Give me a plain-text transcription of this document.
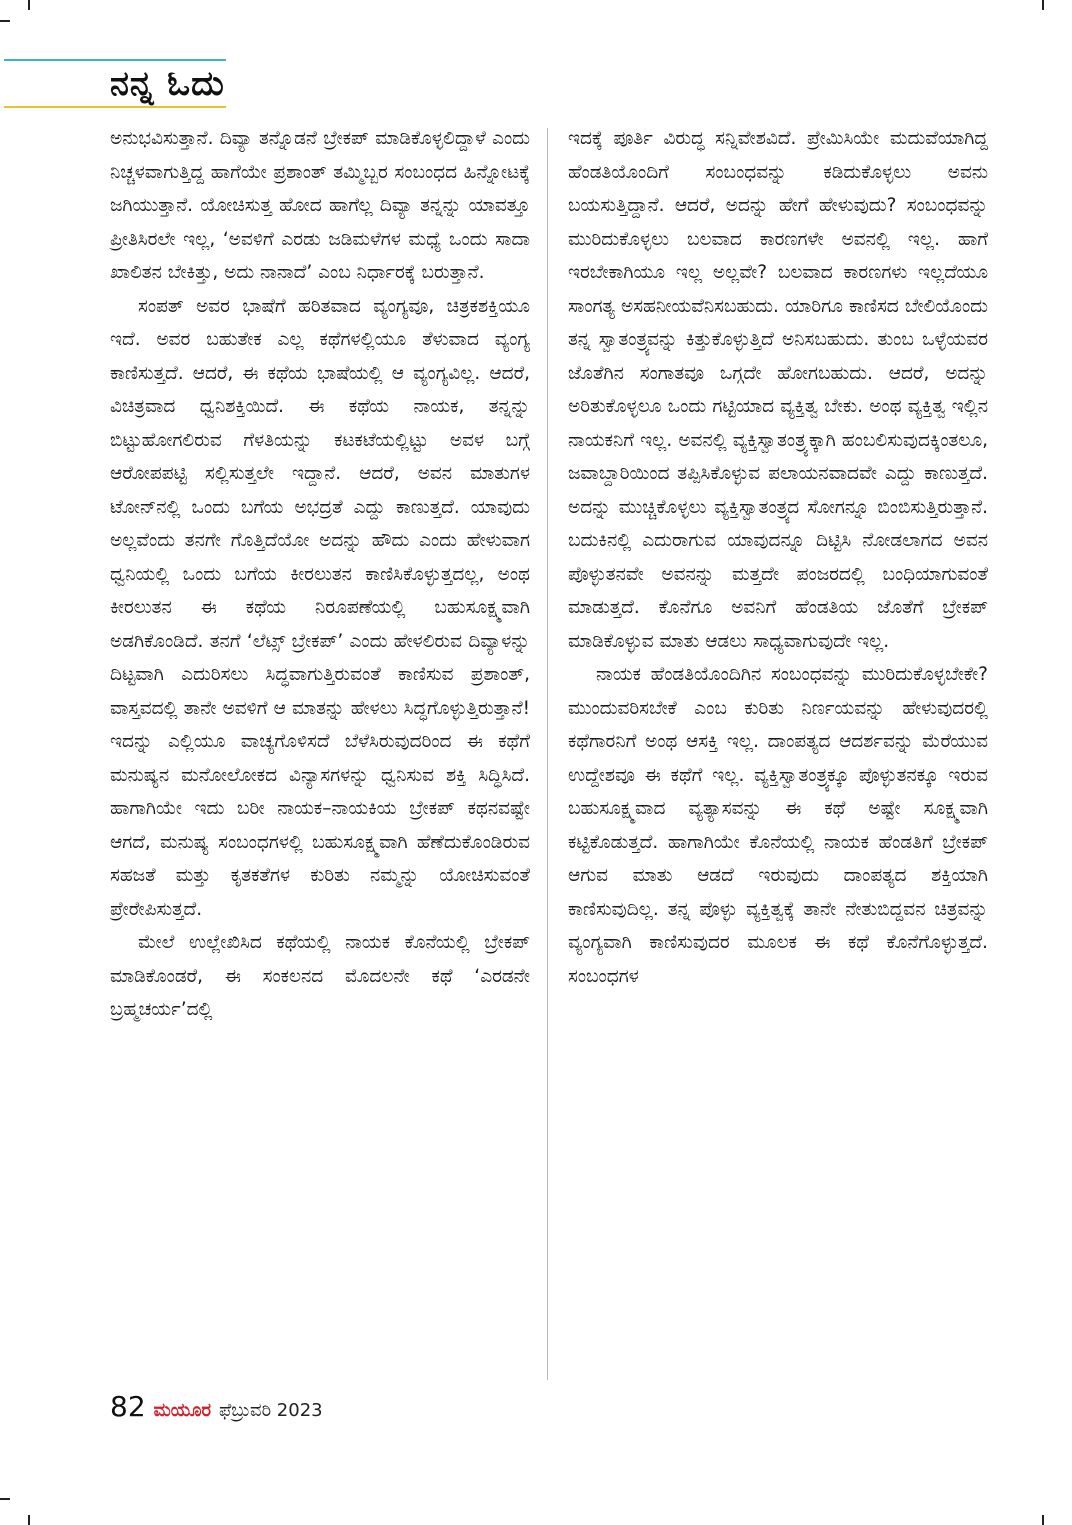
ನನ್ನ ಓದು

ಅನುಭವಿಸುತ್ತಾನೆ. ದಿವ್ಯಾ ತನ್ನೊಡನೆ ಬ್ರೇಕಪ್ ಮಾಡಿಕೊಳ್ಳಲಿದ್ದಾಳೆ ಎಂದು ನಿಚ್ಚಳವಾಗುತ್ತಿದ್ದ ಹಾಗೆಯೇ ಪ್ರಶಾಂತ್ ತಮ್ಮಿಬ್ಬರ ಸಂಬಂಧದ ಹಿನ್ನೋಟಕ್ಕೆ ಜಗಿಯುತ್ತಾನೆ. ಯೋಚಿಸುತ್ತ ಹೋದ ಹಾಗೆಲ್ಲ ದಿವ್ಯಾ ತನ್ನನ್ನು ಯಾವತ್ತೂ ಪ್ರೀತಿಸಿರಲೇ ಇಲ್ಲ, ‘ಅವಳಿಗೆ ಎರಡು ಜಡಿಮಳೆಗಳ ಮಧ್ಯೆ ಒಂದು ಸಾದಾ ಖಾಲಿತನ ಬೇಕಿತ್ತು, ಅದು ನಾನಾದೆ’ ಎಂಬ ನಿರ್ಧಾರಕ್ಕೆ ಬರುತ್ತಾನೆ.

ಸಂಪತ್ ಅವರ ಭಾಷೆಗೆ ಹರಿತವಾದ ವ್ಯಂಗ್ಯವೂ, ಚಿತ್ರಕಶಕ್ತಿಯೂ ಇದೆ. ಅವರ ಬಹುತೇಕ ಎಲ್ಲ ಕಥೆಗಳಲ್ಲಿಯೂ ತೆಳುವಾದ ವ್ಯಂಗ್ಯ ಕಾಣಿಸುತ್ತದೆ. ಆದರೆ, ಈ ಕಥೆಯ ಭಾಷೆಯಲ್ಲಿ ಆ ವ್ಯಂಗ್ಯವಿಲ್ಲ. ಆದರೆ, ವಿಚಿತ್ರವಾದ ಧ್ವನಿಶಕ್ತಿಯಿದೆ. ಈ ಕಥೆಯ ನಾಯಕ, ತನ್ನನ್ನು ಬಿಟ್ಟುಹೋಗಲಿರುವ ಗೆಳತಿಯನ್ನು ಕಟಕಟೆಯಲ್ಲಿಟ್ಟು ಅವಳ ಬಗ್ಗೆ ಆರೋಪಪಟ್ಟಿ ಸಲ್ಲಿಸುತ್ತಲೇ ಇದ್ದಾನೆ. ಆದರೆ, ಅವನ ಮಾತುಗಳ ಟೋನ್‌ನಲ್ಲಿ ಒಂದು ಬಗೆಯ ಅಭದ್ರತೆ ಎದ್ದು ಕಾಣುತ್ತದೆ. ಯಾವುದು ಅಲ್ಲವೆಂದು ತನಗೇ ಗೊತ್ತಿದೆಯೋ ಅದನ್ನು ಹೌದು ಎಂದು ಹೇಳುವಾಗ ಧ್ವನಿಯಲ್ಲಿ ಒಂದು ಬಗೆಯ ಕೀರಲುತನ ಕಾಣಿಸಿಕೊಳ್ಳುತ್ತದಲ್ಲ, ಅಂಥ ಕೀರಲುತನ ಈ ಕಥೆಯ ನಿರೂಪಣೆಯಲ್ಲಿ ಬಹುಸೂಕ್ಷ್ಮವಾಗಿ ಅಡಗಿಕೊಂಡಿದೆ. ತನಗೆ ‘ಲೆಟ್ಸ್ ಬ್ರೇಕಪ್’ ಎಂದು ಹೇಳಲಿರುವ ದಿವ್ಯಾಳನ್ನು ದಿಟ್ಟವಾಗಿ ಎದುರಿಸಲು ಸಿದ್ಧವಾಗುತ್ತಿರುವಂತೆ ಕಾಣಿಸುವ ಪ್ರಶಾಂತ್, ವಾಸ್ತವದಲ್ಲಿ ತಾನೇ ಅವಳಿಗೆ ಆ ಮಾತನ್ನು ಹೇಳಲು ಸಿದ್ಧಗೊಳ್ಳುತ್ತಿರುತ್ತಾನೆ! ಇದನ್ನು ಎಲ್ಲಿಯೂ ವಾಚ್ಯಗೊಳಿಸದೆ ಬೆಳೆಸಿರುವುದರಿಂದ ಈ ಕಥೆಗೆ ಮನುಷ್ಯನ ಮನೋಲೋಕದ ವಿನ್ಯಾಸಗಳನ್ನು ಧ್ವನಿಸುವ ಶಕ್ತಿ ಸಿದ್ಧಿಸಿದೆ. ಹಾಗಾಗಿಯೇ ಇದು ಬರೀ ನಾಯಕ–ನಾಯಕಿಯ ಬ್ರೇಕಪ್ ಕಥನವಷ್ಟೇ ಆಗದೆ, ಮನುಷ್ಯ ಸಂಬಂಧಗಳಲ್ಲಿ ಬಹುಸೂಕ್ಷ್ಮವಾಗಿ ಹೆಣೆದುಕೊಂಡಿರುವ ಸಹಜತೆ ಮತ್ತು ಕೃತಕತೆಗಳ ಕುರಿತು ನಮ್ಮನ್ನು ಯೋಚಿಸುವಂತೆ ಪ್ರೇರೇಪಿಸುತ್ತದೆ.

ಮೇಲೆ ಉಲ್ಲೇಖಿಸಿದ ಕಥೆಯಲ್ಲಿ ನಾಯಕ ಕೊನೆಯಲ್ಲಿ ಬ್ರೇಕಪ್ ಮಾಡಿಕೊಂಡರೆ, ಈ ಸಂಕಲನದ ಮೊದಲನೇ ಕಥೆ ‘ಎರಡನೇ ಬ್ರಹ್ಮಚರ್ಯ’ದಲ್ಲಿ

ಇದಕ್ಕೆ ಪೂರ್ತಿ ವಿರುದ್ಧ ಸನ್ನಿವೇಶವಿದೆ. ಪ್ರೇಮಿಸಿಯೇ ಮದುವೆಯಾಗಿದ್ದ ಹೆಂಡತಿಯೊಂದಿಗೆ ಸಂಬಂಧವನ್ನು ಕಡಿದುಕೊಳ್ಳಲು ಅವನು ಬಯಸುತ್ತಿದ್ದಾನೆ. ಆದರೆ, ಅದನ್ನು ಹೇಗೆ ಹೇಳುವುದು? ಸಂಬಂಧವನ್ನು ಮುರಿದುಕೊಳ್ಳಲು ಬಲವಾದ ಕಾರಣಗಳೇ ಅವನಲ್ಲಿ ಇಲ್ಲ. ಹಾಗೆ ಇರಬೇಕಾಗಿಯೂ ಇಲ್ಲ ಅಲ್ಲವೇ? ಬಲವಾದ ಕಾರಣಗಳು ಇಲ್ಲದೆಯೂ ಸಾಂಗತ್ಯ ಅಸಹನೀಯವೆನಿಸಬಹುದು. ಯಾರಿಗೂ ಕಾಣಿಸದ ಬೇಲಿಯೊಂದು ತನ್ನ ಸ್ವಾತಂತ್ರ್ಯವನ್ನು ಕಿತ್ತುಕೊಳ್ಳುತ್ತಿದೆ ಅನಿಸಬಹುದು. ತುಂಬ ಒಳ್ಳೆಯವರ ಜೊತೆಗಿನ ಸಂಗಾತವೂ ಒಗ್ಗದೇ ಹೋಗಬಹುದು. ಆದರೆ, ಅದನ್ನು ಅರಿತುಕೊಳ್ಳಲೂ ಒಂದು ಗಟ್ಟಿಯಾದ ವ್ಯಕ್ತಿತ್ವ ಬೇಕು. ಅಂಥ ವ್ಯಕ್ತಿತ್ವ ಇಲ್ಲಿನ ನಾಯಕನಿಗೆ ಇಲ್ಲ. ಅವನಲ್ಲಿ ವ್ಯಕ್ತಿಸ್ವಾತಂತ್ರ್ಯಕ್ಕಾಗಿ ಹಂಬಲಿಸುವುದಕ್ಕಿಂತಲೂ, ಜವಾಬ್ದಾರಿಯಿಂದ ತಪ್ಪಿಸಿಕೊಳ್ಳುವ ಪಲಾಯನವಾದವೇ ಎದ್ದು ಕಾಣುತ್ತದೆ. ಅದನ್ನು ಮುಚ್ಚಿಕೊಳ್ಳಲು ವ್ಯಕ್ತಿಸ್ವಾತಂತ್ರ್ಯದ ಸೋಗನ್ನೂ ಬಿಂಬಿಸುತ್ತಿರುತ್ತಾನೆ. ಬದುಕಿನಲ್ಲಿ ಎದುರಾಗುವ ಯಾವುದನ್ನೂ ದಿಟ್ಟಿಸಿ ನೋಡಲಾಗದ ಅವನ ಪೊಳ್ಳುತನವೇ ಅವನನ್ನು ಮತ್ತದೇ ಪಂಜರದಲ್ಲಿ ಬಂಧಿಯಾಗುವಂತೆ ಮಾಡುತ್ತದೆ. ಕೊನೆಗೂ ಅವನಿಗೆ ಹೆಂಡತಿಯ ಜೊತೆಗೆ ಬ್ರೇಕಪ್ ಮಾಡಿಕೊಳ್ಳುವ ಮಾತು ಆಡಲು ಸಾಧ್ಯವಾಗುವುದೇ ಇಲ್ಲ.

ನಾಯಕ ಹೆಂಡತಿಯೊಂದಿಗಿನ ಸಂಬಂಧವನ್ನು ಮುರಿದುಕೊಳ್ಳಬೇಕೇ? ಮುಂದುವರಿಸಬೇಕೆ ಎಂಬ ಕುರಿತು ನಿರ್ಣಯವನ್ನು ಹೇಳುವುದರಲ್ಲಿ ಕಥೆಗಾರನಿಗೆ ಅಂಥ ಆಸಕ್ತಿ ಇಲ್ಲ. ದಾಂಪತ್ಯದ ಆದರ್ಶವನ್ನು ಮೆರೆಯುವ ಉದ್ದೇಶವೂ ಈ ಕಥೆಗೆ ಇಲ್ಲ. ವ್ಯಕ್ತಿಸ್ವಾತಂತ್ರ್ಯಕ್ಕೂ ಪೊಳ್ಳುತನಕ್ಕೂ ಇರುವ ಬಹುಸೂಕ್ಷ್ಮವಾದ ವ್ಯತ್ಯಾಸವನ್ನು ಈ ಕಥೆ ಅಷ್ಟೇ ಸೂಕ್ಷ್ಮವಾಗಿ ಕಟ್ಟಿಕೊಡುತ್ತದೆ. ಹಾಗಾಗಿಯೇ ಕೊನೆಯಲ್ಲಿ ನಾಯಕ ಹೆಂಡತಿಗೆ ಬ್ರೇಕಪ್ ಆಗುವ ಮಾತು ಆಡದೆ ಇರುವುದು ದಾಂಪತ್ಯದ ಶಕ್ತಿಯಾಗಿ ಕಾಣಿಸುವುದಿಲ್ಲ. ತನ್ನ ಪೊಳ್ಳು ವ್ಯಕ್ತಿತ್ವಕ್ಕೆ ತಾನೇ ನೇತುಬಿದ್ದವನ ಚಿತ್ರವನ್ನು ವ್ಯಂಗ್ಯವಾಗಿ ಕಾಣಿಸುವುದರ ಮೂಲಕ ಈ ಕಥೆ ಕೊನೆಗೊಳ್ಳುತ್ತದೆ. ಸಂಬಂಧಗಳ

82 ಮಯೂರ ಫೆಬ್ರುವರಿ 2023
